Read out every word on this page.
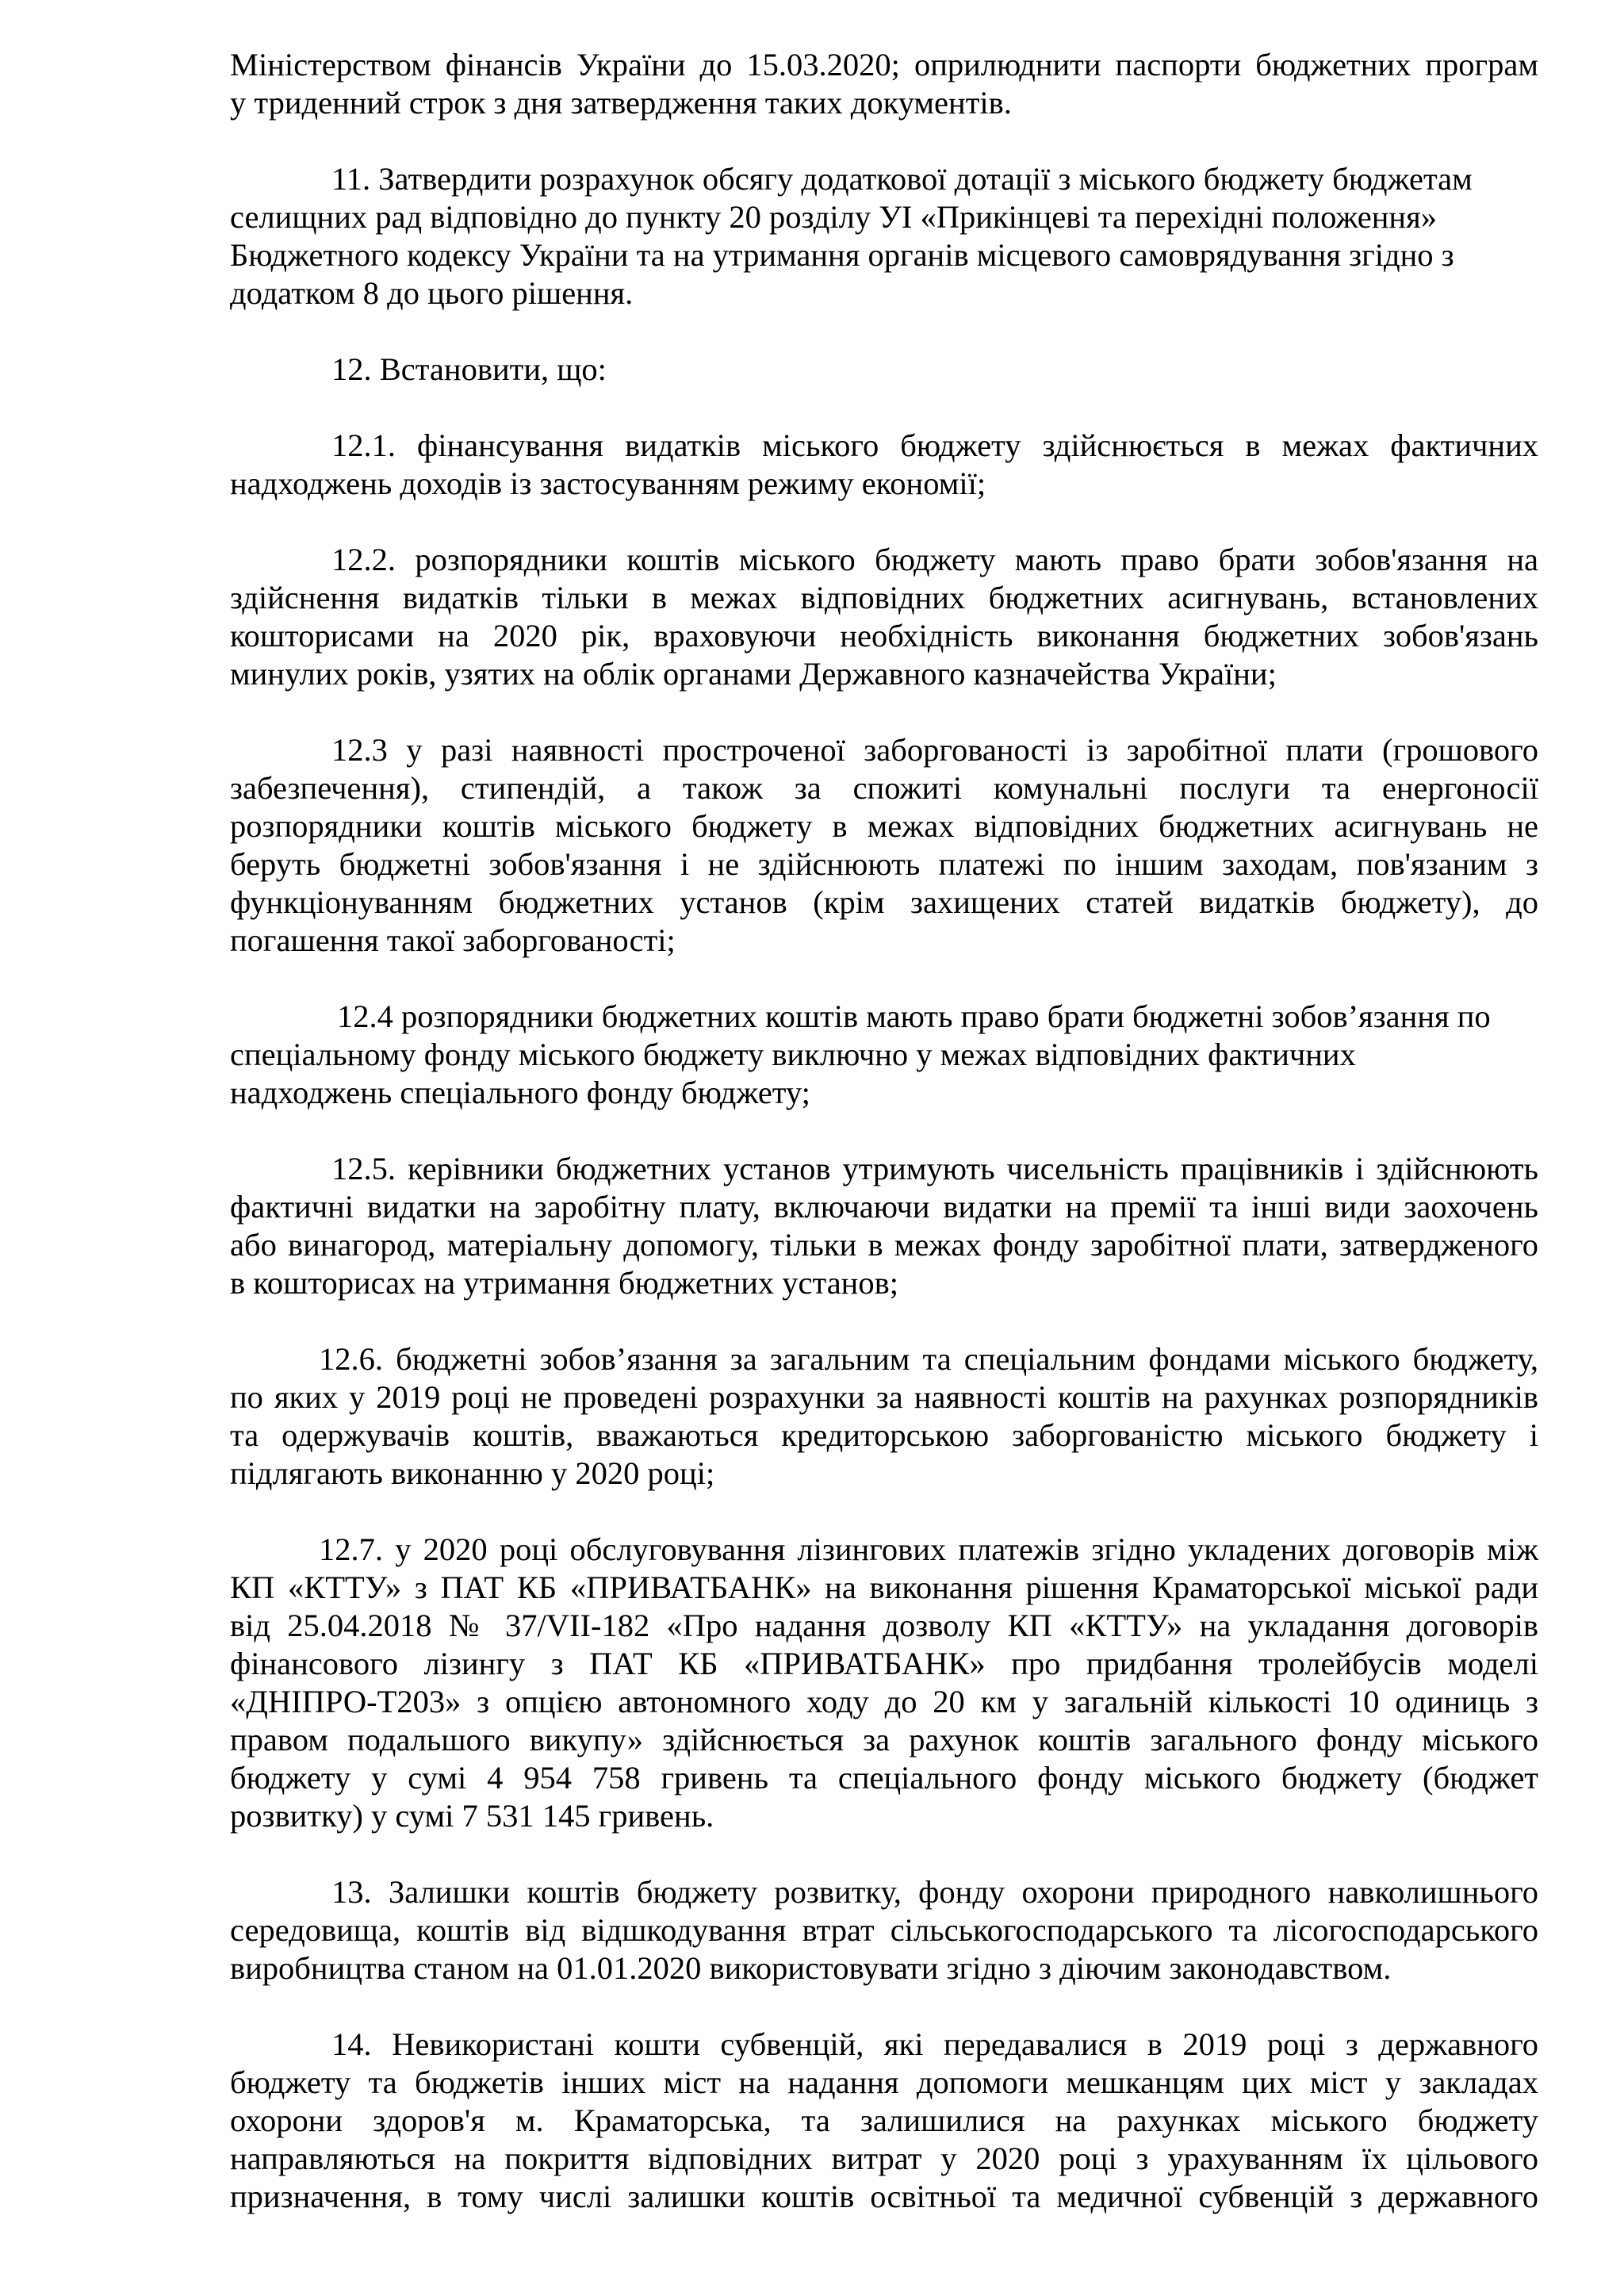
Міністерством фінансів України до 15.03.2020; оприлюднити паспорти бюджетних програм
у триденний строк з дня затвердження таких документів.

11. Затвердити розрахунок обсягу додаткової дотації з міського бюджету бюджетам
селищних рад відповідно до пункту 20 розділу УІ «Прикінцеві та перехідні положення»
Бюджетного кодексу України та на утримання органів місцевого самоврядування згідно з
додатком 8 до цього рішення.

12. Встановити, що:

12.1. фінансування видатків міського бюджету здійснюється в межах фактичних
надходжень доходів із застосуванням режиму економії;

12.2. розпорядники коштів міського бюджету мають право брати зобов'язання на
здійснення видатків тільки в межах відповідних бюджетних асигнувань, встановлених
кошторисами на 2020 рік, враховуючи необхідність виконання бюджетних зобов'язань
минулих років, узятих на облік органами Державного казначейства України;

12.3 у разі наявності простроченої заборгованості із заробітної плати (грошового
забезпечення), стипендій, а також за спожиті комунальні послуги та енергоносії
розпорядники коштів міського бюджету в межах відповідних бюджетних асигнувань не
беруть бюджетні зобов'язання і не здійснюють платежі по іншим заходам, пов'язаним з
функціонуванням бюджетних установ (крім захищених статей видатків бюджету), до
погашення такої заборгованості;

12.4 розпорядники бюджетних коштів мають право брати бюджетні зобов’язання по
спеціальному фонду міського бюджету виключно у межах відповідних фактичних
надходжень спеціального фонду бюджету;

12.5. керівники бюджетних установ утримують чисельність працівників і здійснюють
фактичні видатки на заробітну плату, включаючи видатки на премії та інші види заохочень
або винагород, матеріальну допомогу, тільки в межах фонду заробітної плати, затвердженого
в кошторисах на утримання бюджетних установ;

12.6. бюджетні зобов’язання за загальним та спеціальним фондами міського бюджету,
по яких у 2019 році не проведені розрахунки за наявності коштів на рахунках розпорядників
та одержувачів коштів, вважаються кредиторською заборгованістю міського бюджету і
підлягають виконанню у 2020 році;

12.7. у 2020 році обслуговування лізингових платежів згідно укладених договорів між
КП «КТТУ» з ПАТ КБ «ПРИВАТБАНК» на виконання рішення Краматорської міської ради
від 25.04.2018 № 37/VII-182 «Про надання дозволу КП «КТТУ» на укладання договорів
фінансового лізингу з ПАТ КБ «ПРИВАТБАНК» про придбання тролейбусів моделі
«ДНІПРО-Т203» з опцією автономного ходу до 20 км у загальній кількості 10 одиниць з
правом подальшого викупу» здійснюється за рахунок коштів загального фонду міського
бюджету у сумі 4 954 758 гривень та спеціального фонду міського бюджету (бюджет
розвитку) у сумі 7 531 145 гривень.

13. Залишки коштів бюджету розвитку, фонду охорони природного навколишнього
середовища, коштів від відшкодування втрат сільськогосподарського та лісогосподарського
виробництва станом на 01.01.2020 використовувати згідно з діючим законодавством.

14. Невикористані кошти субвенцій, які передавалися в 2019 році з державного
бюджету та бюджетів інших міст на надання допомоги мешканцям цих міст у закладах
охорони здоров'я м. Краматорська, та залишилися на рахунках міського бюджету
направляються на покриття відповідних витрат у 2020 році з урахуванням їх цільового
призначення, в тому числі залишки коштів освітньої та медичної субвенцій з державного
